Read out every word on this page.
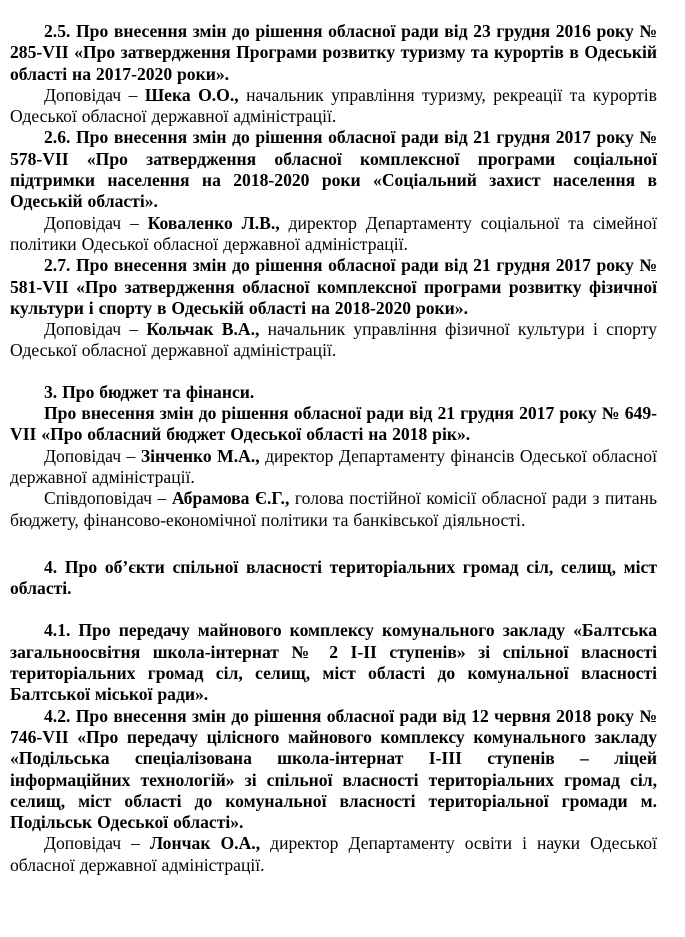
2.5. Про внесення змін до рішення обласної ради від 23 грудня 2016 року № 285-VII «Про затвердження Програми розвитку туризму та курортів в Одеській області на 2017-2020 роки».

Доповідач – Шека О.О., начальник управління туризму, рекреації та курортів Одеської обласної державної адміністрації.

2.6. Про внесення змін до рішення обласної ради від 21 грудня 2017 року № 578-VII «Про затвердження обласної комплексної програми соціальної підтримки населення на 2018-2020 роки «Соціальний захист населення в Одеській області».

Доповідач – Коваленко Л.В., директор Департаменту соціальної та сімейної політики Одеської обласної державної адміністрації.

2.7. Про внесення змін до рішення обласної ради від 21 грудня 2017 року № 581-VII «Про затвердження обласної комплексної програми розвитку фізичної культури і спорту в Одеській області на 2018-2020 роки».

Доповідач – Кольчак В.А., начальник управління фізичної культури і спорту Одеської обласної державної адміністрації.

3. Про бюджет та фінанси.

Про внесення змін до рішення обласної ради від 21 грудня 2017 року № 649-VII «Про обласний бюджет Одеської області на 2018 рік».

Доповідач – Зінченко М.А., директор Департаменту фінансів Одеської обласної державної адміністрації.

Співдоповідач – Абрамова Є.Г., голова постійної комісії обласної ради з питань бюджету, фінансово-економічної політики та банківської діяльності.

4. Про об’єкти спільної власності територіальних громад сіл, селищ, міст області.

4.1. Про передачу майнового комплексу комунального закладу «Балтська загальноосвітня школа-інтернат № 2 I-II ступенів» зі спільної власності територіальних громад сіл, селищ, міст області до комунальної власності Балтської міської ради».

4.2. Про внесення змін до рішення обласної ради від 12 червня 2018 року № 746-VII «Про передачу цілісного майнового комплексу комунального закладу «Подільська спеціалізована школа-інтернат I-III ступенів – ліцей інформаційних технологій» зі спільної власності територіальних громад сіл, селищ, міст області до комунальної власності територіальної громади м. Подільськ Одеської області».

Доповідач – Лончак О.А., директор Департаменту освіти і науки Одеської обласної державної адміністрації.
